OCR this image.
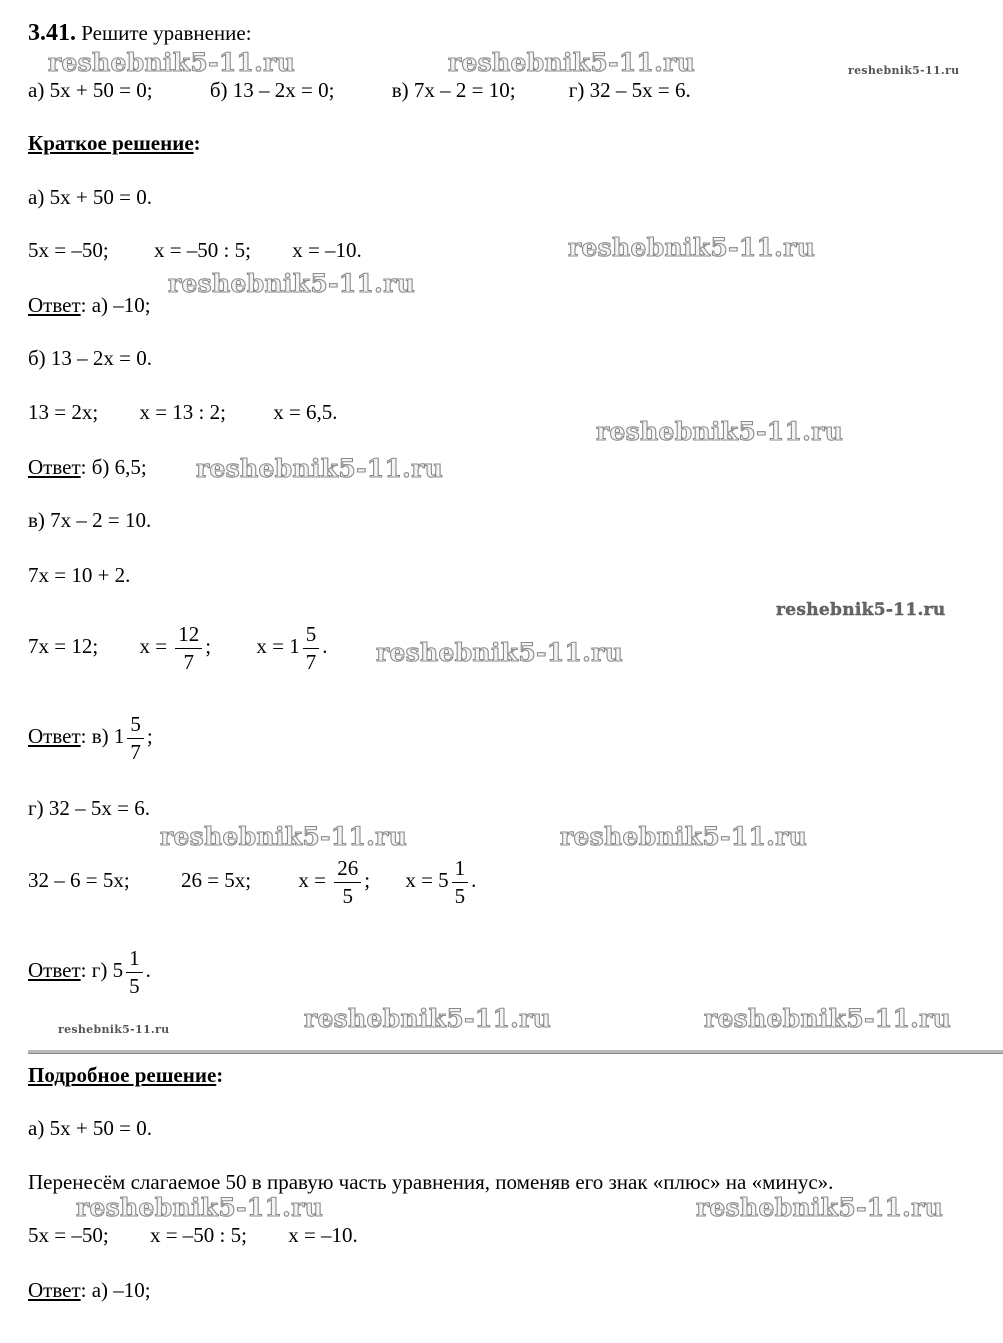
3.41. Решите уравнение:
а) 5x + 50 = 0;	б) 13 – 2x = 0;	в) 7x – 2 = 10;	г) 32 – 5x = 6.
Краткое решение:
а) 5x + 50 = 0.
5x = –50; x = –50 : 5; x = –10.
Ответ: а) –10;
б) 13 – 2x = 0.
13 = 2x; x = 13 : 2; x = 6,5.
Ответ: б) 6,5;
в) 7x – 2 = 10.
7x = 10 + 2.
7x = 12; $x = \frac{12}{7}$ ; $x = 1 \frac{5}{7}$ .
Ответ: в) $1 \frac{5}{7}$ ;
г) 32 – 5x = 6.
32 – 6 = 5x; 26 = 5x; $x = \frac{26}{5}$ ; $x = 5 \frac{1}{5}$ .
Ответ: г) $5 \frac{1}{5}$ .
Подробное решение:
а) 5x + 50 = 0.
Перенесём слагаемое 50 в правую часть уравнения, поменяв его знак «плюс» на «минус».
5x = –50; x = –50 : 5; x = –10.
Ответ: а) –10;
reshebnik5-11.ru	reshebnik5-11.ru	reshebnik5-11.ru
reshebnik5-11.ru
reshebnik5-11.ru
reshebnik5-11.ru
reshebnik5-11.ru
reshebnik5-11.ru
reshebnik5-11.ru
reshebnik5-11.ru	reshebnik5-11.ru
reshebnik5-11.ru	reshebnik5-11.ru	reshebnik5-11.ru
reshebnik5-11.ru	reshebnik5-11.ru
